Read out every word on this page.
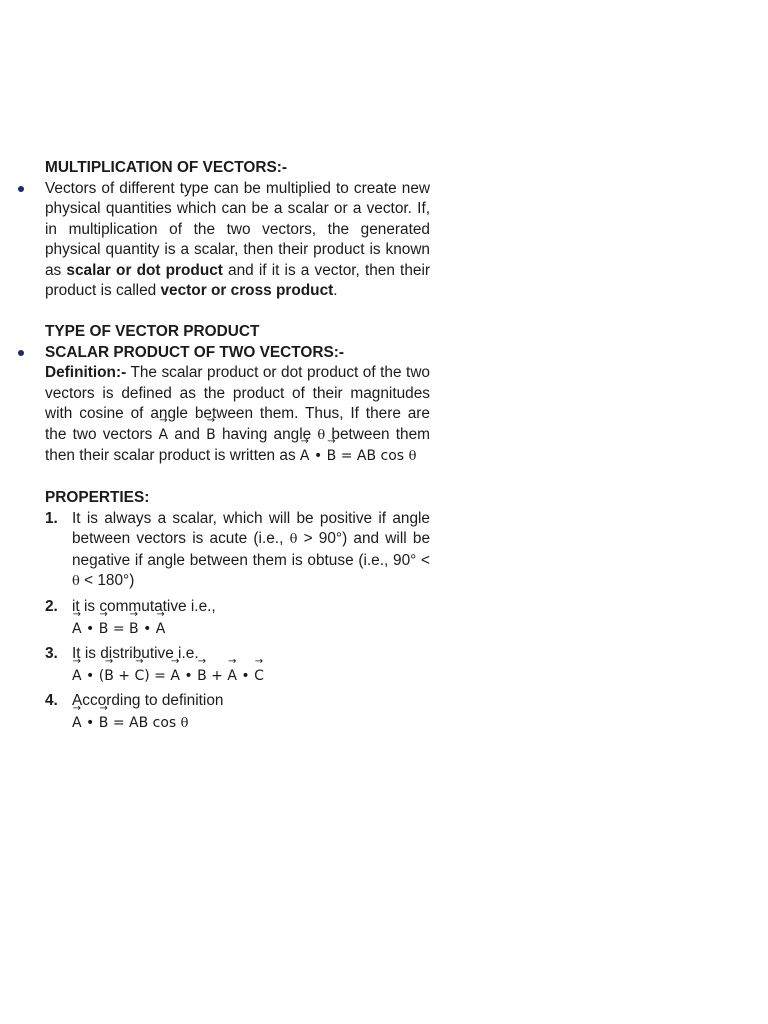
MULTIPLICATION OF VECTORS:-

Vectors of different type can be multiplied to create new physical quantities which can be a scalar or a vector. If, in multiplication of the two vectors, the generated physical quantity is a scalar, then their product is known as scalar or dot product and if it is a vector, then their product is called vector or cross product.

TYPE OF VECTOR PRODUCT

SCALAR PRODUCT OF TWO VECTORS:-

Definition:- The scalar product or dot product of the two vectors is defined as the product of their magnitudes with cosine of angle between them. Thus, If there are the two vectors → A and → B having angle θ between them then their scalar product is written as → A • → B = AB cos θ

PROPERTIES:

1. It is always a scalar, which will be positive if angle between vectors is acute (i.e., θ > 90°) and will be negative if angle between them is obtuse (i.e., 90° < θ < 180°)

2. it is commutative i.e.,
→ A • → B = → B • → A
3. It is distributive i.e.
→ A • (→ B + → C) = → A • → B + → A • → C
4. According to definition
→ A • → B = AB cos θ
